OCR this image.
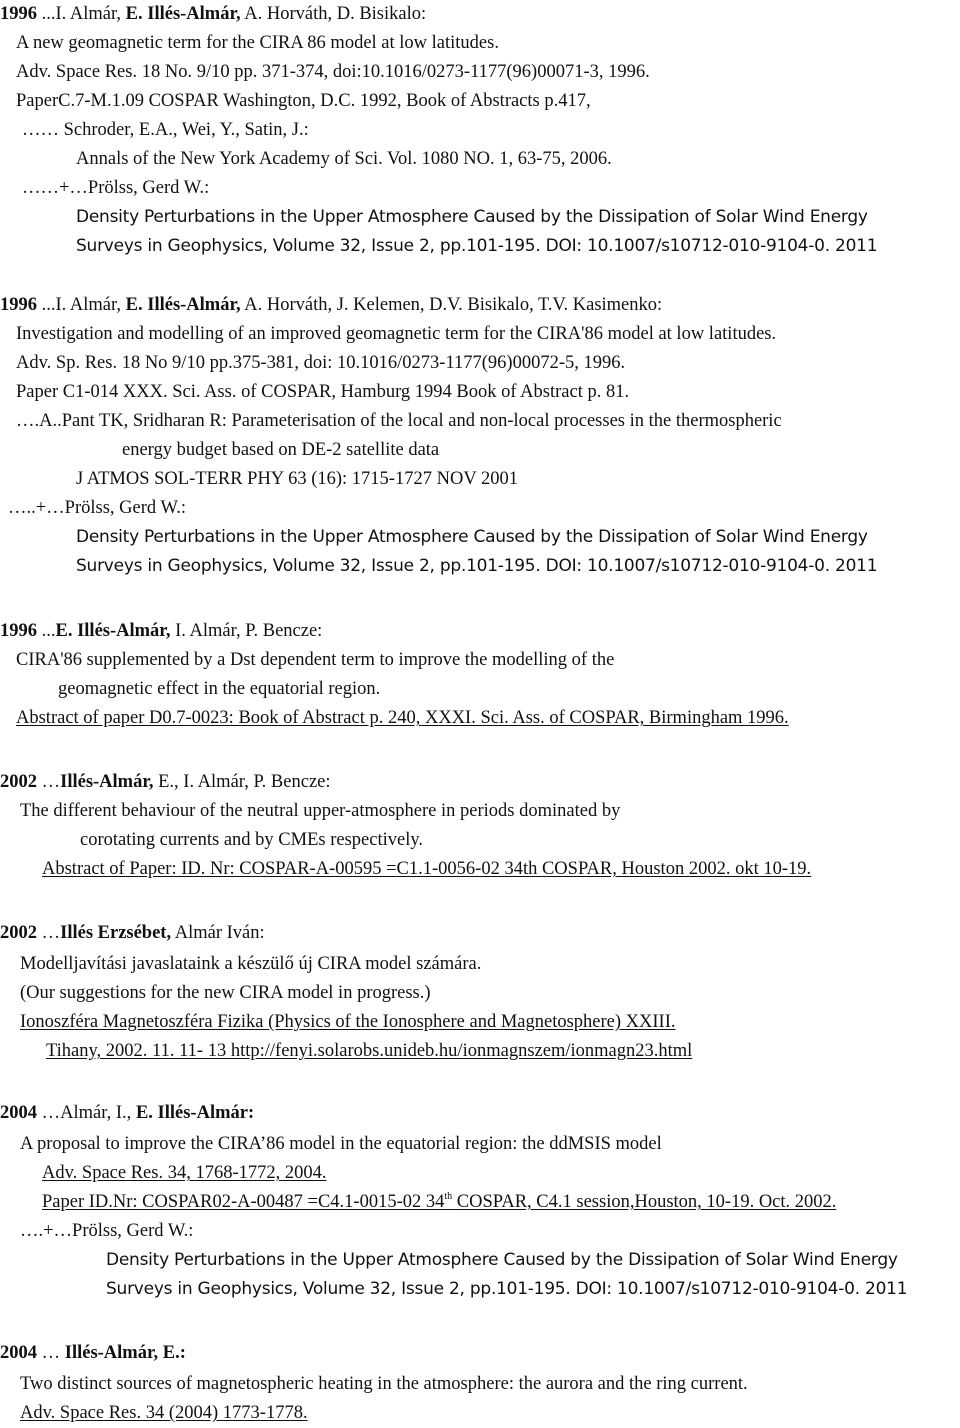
1996 ...I. Almár, E. Illés-Almár, A. Horváth, D. Bisikalo:
A new geomagnetic term for the CIRA 86 model at low latitudes.
Adv. Space Res. 18 No. 9/10 pp. 371-374, doi:10.1016/0273-1177(96)00071-3, 1996.
PaperC.7-M.1.09 COSPAR Washington, D.C. 1992, Book of Abstracts p.417,
…… Schroder, E.A., Wei, Y., Satin, J.:
Annals of the New York Academy of Sci. Vol. 1080 NO. 1, 63-75, 2006.
……+…Prölss, Gerd W.:
Density Perturbations in the Upper Atmosphere Caused by the Dissipation of Solar Wind Energy
Surveys in Geophysics, Volume 32, Issue 2, pp.101-195. DOI: 10.1007/s10712-010-9104-0. 2011
1996 ...I. Almár, E. Illés-Almár, A. Horváth, J. Kelemen, D.V. Bisikalo, T.V. Kasimenko:
Investigation and modelling of an improved geomagnetic term for the CIRA'86 model at low latitudes.
Adv. Sp. Res. 18 No 9/10 pp.375-381, doi: 10.1016/0273-1177(96)00072-5, 1996.
Paper C1-014 XXX. Sci. Ass. of COSPAR, Hamburg 1994 Book of Abstract p. 81.
….A..Pant TK, Sridharan R: Parameterisation of the local and non-local processes in the thermospheric
energy budget based on DE-2 satellite data
J ATMOS SOL-TERR PHY 63 (16): 1715-1727 NOV 2001
…..+…Prölss, Gerd W.:
Density Perturbations in the Upper Atmosphere Caused by the Dissipation of Solar Wind Energy
Surveys in Geophysics, Volume 32, Issue 2, pp.101-195. DOI: 10.1007/s10712-010-9104-0. 2011
1996 ...E. Illés-Almár, I. Almár, P. Bencze:
CIRA'86 supplemented by a Dst dependent term to improve the modelling of the
geomagnetic effect in the equatorial region.
Abstract of paper D0.7-0023: Book of Abstract p. 240, XXXI. Sci. Ass. of COSPAR, Birmingham 1996.
2002 …Illés-Almár, E., I. Almár, P. Bencze:
The different behaviour of the neutral upper-atmosphere in periods dominated by
corotating currents and by CMEs respectively.
Abstract of Paper: ID. Nr: COSPAR-A-00595 =C1.1-0056-02 34th COSPAR, Houston 2002. okt 10-19.
2002 …Illés Erzsébet, Almár Iván:
Modelljavítási javaslataink a készülő új CIRA model számára.
(Our suggestions for the new CIRA model in progress.)
Ionoszféra Magnetoszféra Fizika (Physics of the Ionosphere and Magnetosphere) XXIII.
Tihany, 2002. 11. 11- 13 http://fenyi.solarobs.unideb.hu/ionmagnszem/ionmagn23.html
2004 …Almár, I., E. Illés-Almár:
A proposal to improve the CIRA’86 model in the equatorial region: the ddMSIS model
Adv. Space Res. 34, 1768-1772, 2004.
Paper ID.Nr: COSPAR02-A-00487 =C4.1-0015-02 34th COSPAR, C4.1 session,Houston, 10-19. Oct. 2002.
….+…Prölss, Gerd W.:
Density Perturbations in the Upper Atmosphere Caused by the Dissipation of Solar Wind Energy
Surveys in Geophysics, Volume 32, Issue 2, pp.101-195. DOI: 10.1007/s10712-010-9104-0. 2011
2004 … Illés-Almár, E.:
Two distinct sources of magnetospheric heating in the atmosphere: the aurora and the ring current.
Adv. Space Res. 34 (2004) 1773-1778.
